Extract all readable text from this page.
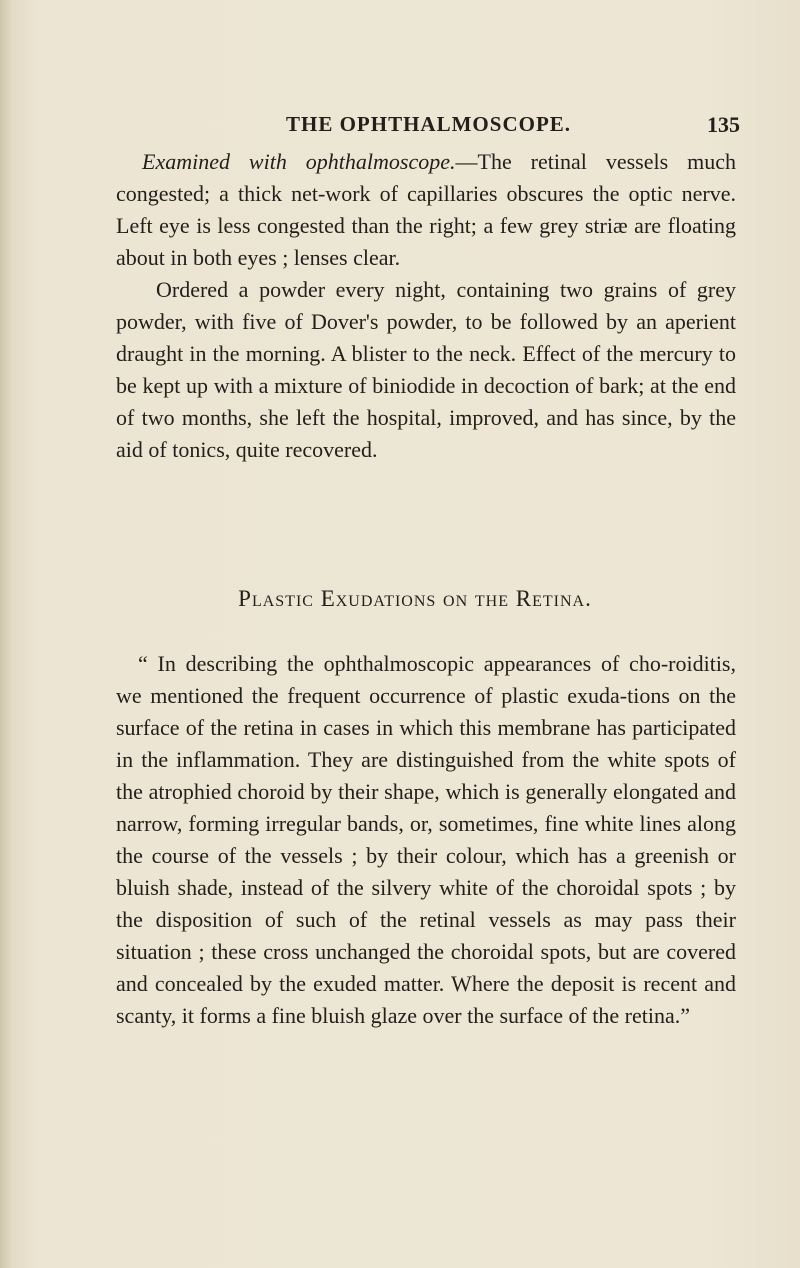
THE OPHTHALMOSCOPE.	135

Examined with ophthalmoscope.—The retinal vessels much congested; a thick net-work of capillaries obscures the optic nerve. Left eye is less congested than the right; a few grey striæ are floating about in both eyes ; lenses clear.

Ordered a powder every night, containing two grains of grey powder, with five of Dover's powder, to be followed by an aperient draught in the morning. A blister to the neck. Effect of the mercury to be kept up with a mixture of biniodide in decoction of bark; at the end of two months, she left the hospital, improved, and has since, by the aid of tonics, quite recovered.

Plastic Exudations on the Retina.

“ In describing the ophthalmoscopic appearances of cho-roiditis, we mentioned the frequent occurrence of plastic exuda-tions on the surface of the retina in cases in which this membrane has participated in the inflammation. They are distinguished from the white spots of the atrophied choroid by their shape, which is generally elongated and narrow, forming irregular bands, or, sometimes, fine white lines along the course of the vessels ; by their colour, which has a greenish or bluish shade, instead of the silvery white of the choroidal spots ; by the disposition of such of the retinal vessels as may pass their situation ; these cross unchanged the choroidal spots, but are covered and concealed by the exuded matter. Where the deposit is recent and scanty, it forms a fine bluish glaze over the surface of the retina.”
